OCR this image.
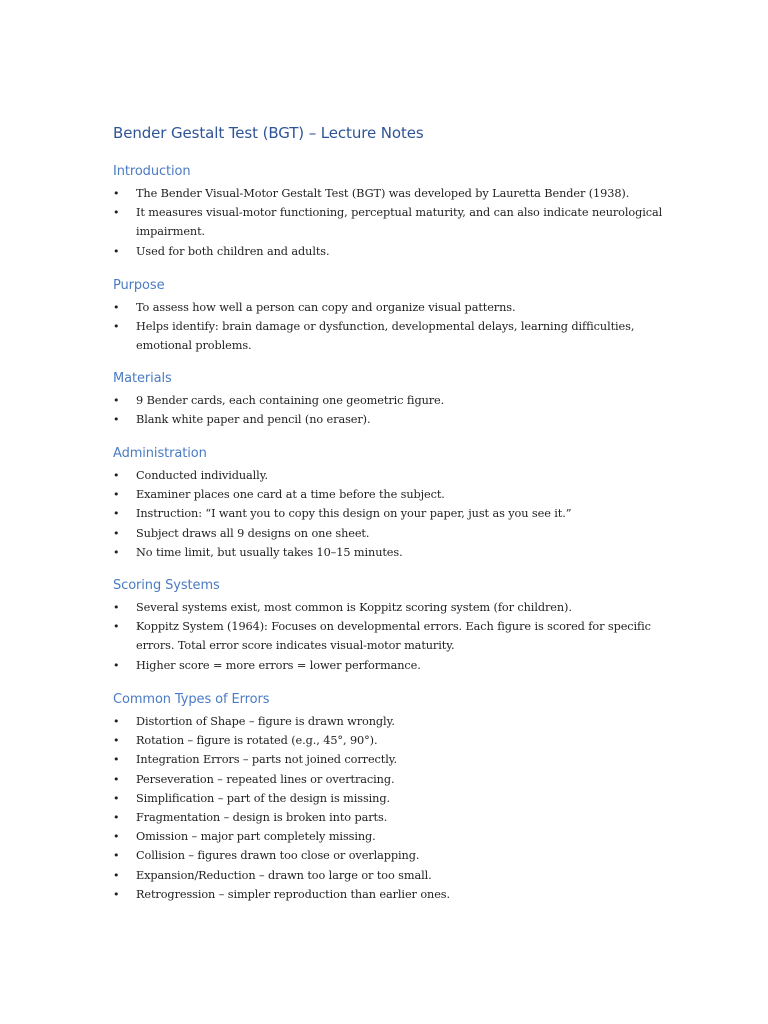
Bender Gestalt Test (BGT) – Lecture Notes
Introduction
•	The Bender Visual-Motor Gestalt Test (BGT) was developed by Lauretta Bender (1938).
•	It measures visual-motor functioning, perceptual maturity, and can also indicate neurological impairment.
•	Used for both children and adults.
Purpose
•	To assess how well a person can copy and organize visual patterns.
•	Helps identify: brain damage or dysfunction, developmental delays, learning difficulties, emotional problems.
Materials
•	9 Bender cards, each containing one geometric figure.
•	Blank white paper and pencil (no eraser).
Administration
•	Conducted individually.
•	Examiner places one card at a time before the subject.
•	Instruction: “I want you to copy this design on your paper, just as you see it.”
•	Subject draws all 9 designs on one sheet.
•	No time limit, but usually takes 10–15 minutes.
Scoring Systems
•	Several systems exist, most common is Koppitz scoring system (for children).
•	Koppitz System (1964): Focuses on developmental errors. Each figure is scored for specific errors. Total error score indicates visual-motor maturity.
•	Higher score = more errors = lower performance.
Common Types of Errors
•	Distortion of Shape – figure is drawn wrongly.
•	Rotation – figure is rotated (e.g., 45°, 90°).
•	Integration Errors – parts not joined correctly.
•	Perseveration – repeated lines or overtracing.
•	Simplification – part of the design is missing.
•	Fragmentation – design is broken into parts.
•	Omission – major part completely missing.
•	Collision – figures drawn too close or overlapping.
•	Expansion/Reduction – drawn too large or too small.
•	Retrogression – simpler reproduction than earlier ones.
